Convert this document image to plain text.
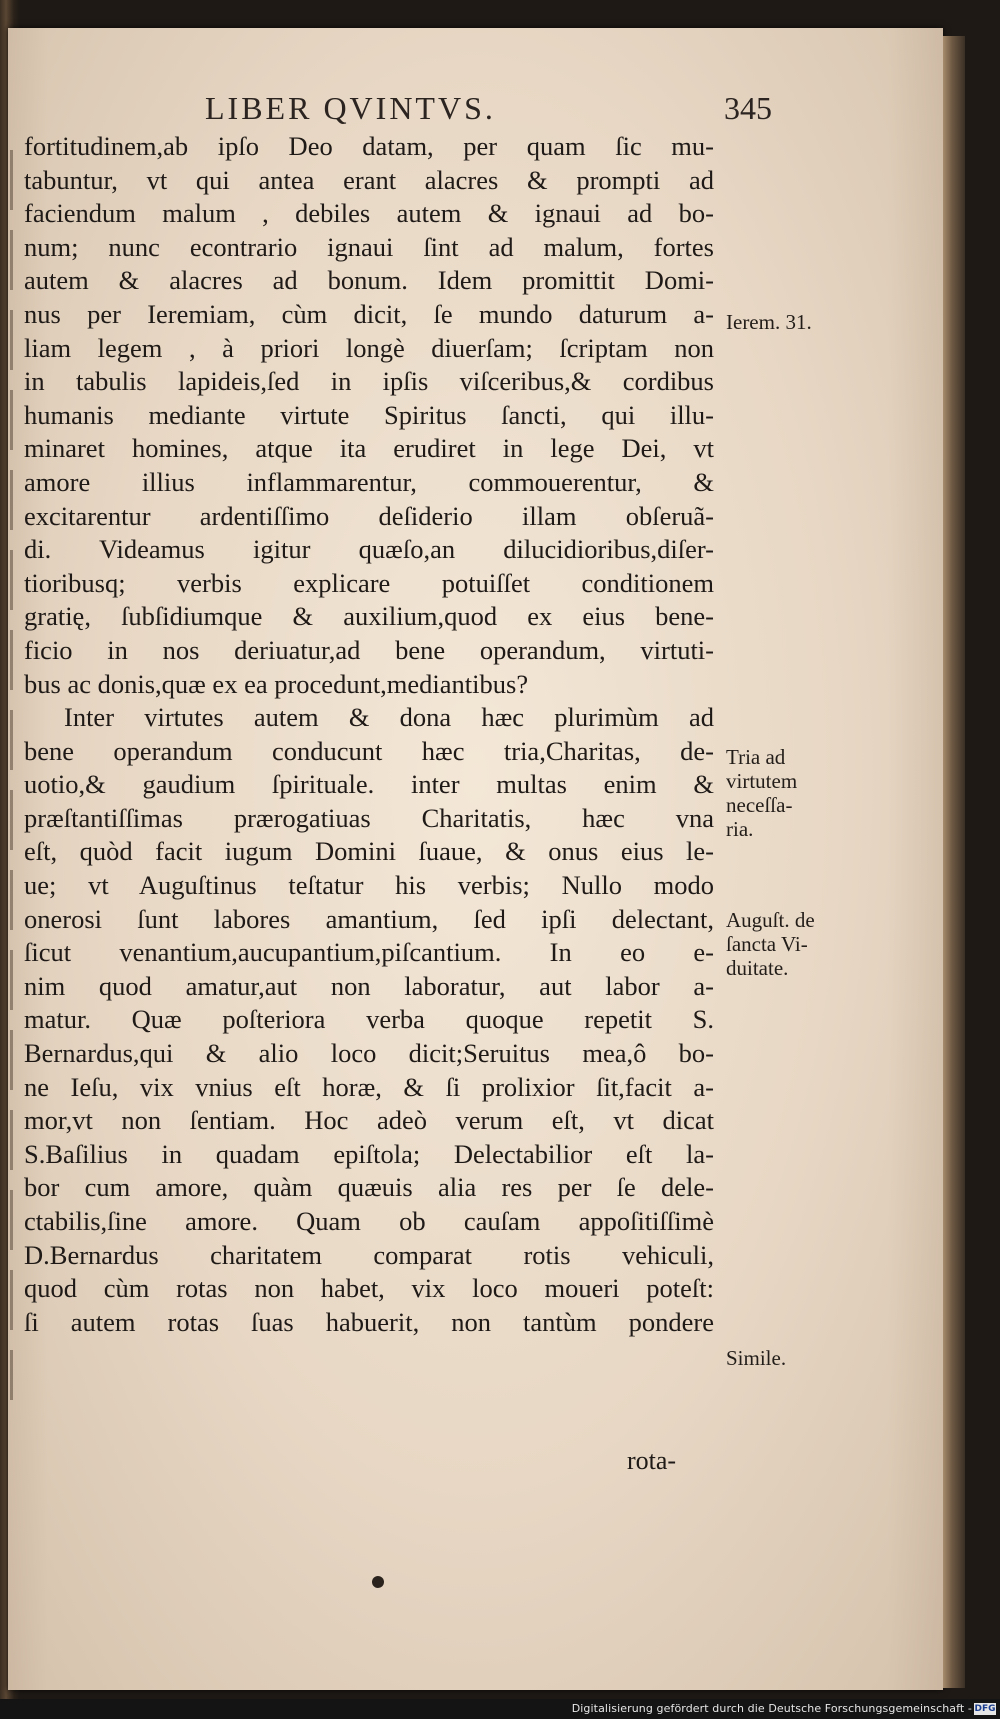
LIBER QVINTVS.	345
fortitudinem,ab ipſo Deo datam, per quam ſic mu-
tabuntur, vt qui antea erant alacres & prompti ad
faciendum malum , debiles autem & ignaui ad bo-
num; nunc econtrario ignaui ſint ad malum, fortes
autem & alacres ad bonum. Idem promittit Domi-
nus per Ieremiam, cùm dicit, ſe mundo daturum a-
liam legem , à priori longè diuerſam; ſcriptam non
in tabulis lapideis,ſed in ipſis viſceribus,& cordibus
humanis mediante virtute Spiritus ſancti, qui illu-
minaret homines, atque ita erudiret in lege Dei, vt
amore illius inflammarentur, commouerentur, &
excitarentur ardentiſſimo deſiderio illam obſeruã-
di. Videamus igitur quæſo,an dilucidioribus,diſer-
tioribusq; verbis explicare potuiſſet conditionem
gratię, ſubſidiumque & auxilium,quod ex eius bene-
ficio in nos deriuatur,ad bene operandum, virtuti-
bus ac donis,quæ ex ea procedunt,mediantibus?
Inter virtutes autem & dona hæc plurimùm ad
bene operandum conducunt hæc tria,Charitas, de-
uotio,& gaudium ſpirituale. inter multas enim &
præſtantiſſimas prærogatiuas Charitatis, hæc vna
eſt, quòd facit iugum Domini ſuaue, & onus eius le-
ue; vt Auguſtinus teſtatur his verbis; Nullo modo
onerosi ſunt labores amantium, ſed ipſi delectant,
ſicut venantium,aucupantium,piſcantium. In eo e-
nim quod amatur,aut non laboratur, aut labor a-
matur. Quæ poſteriora verba quoque repetit S.
Bernardus,qui & alio loco dicit;Seruitus mea,ô bo-
ne Ieſu, vix vnius eſt horæ, & ſi prolixior ſit,facit a-
mor,vt non ſentiam. Hoc adeò verum eſt, vt dicat
S.Baſilius in quadam epiſtola; Delectabilior eſt la-
bor cum amore, quàm quæuis alia res per ſe dele-
ctabilis,ſine amore. Quam ob cauſam appoſitiſſimè
D.Bernardus charitatem comparat rotis vehiculi,
quod cùm rotas non habet, vix loco moueri poteſt:
ſi autem rotas ſuas habuerit, non tantùm pondere
rota-
Ierem. 31.
Tria ad
virtutem
neceſſa-
ria.
Auguſt. de
ſancta Vi-
duitate.
Simile.
Digitalisierung gefördert durch die Deutsche Forschungsgemeinschaft - DFG
